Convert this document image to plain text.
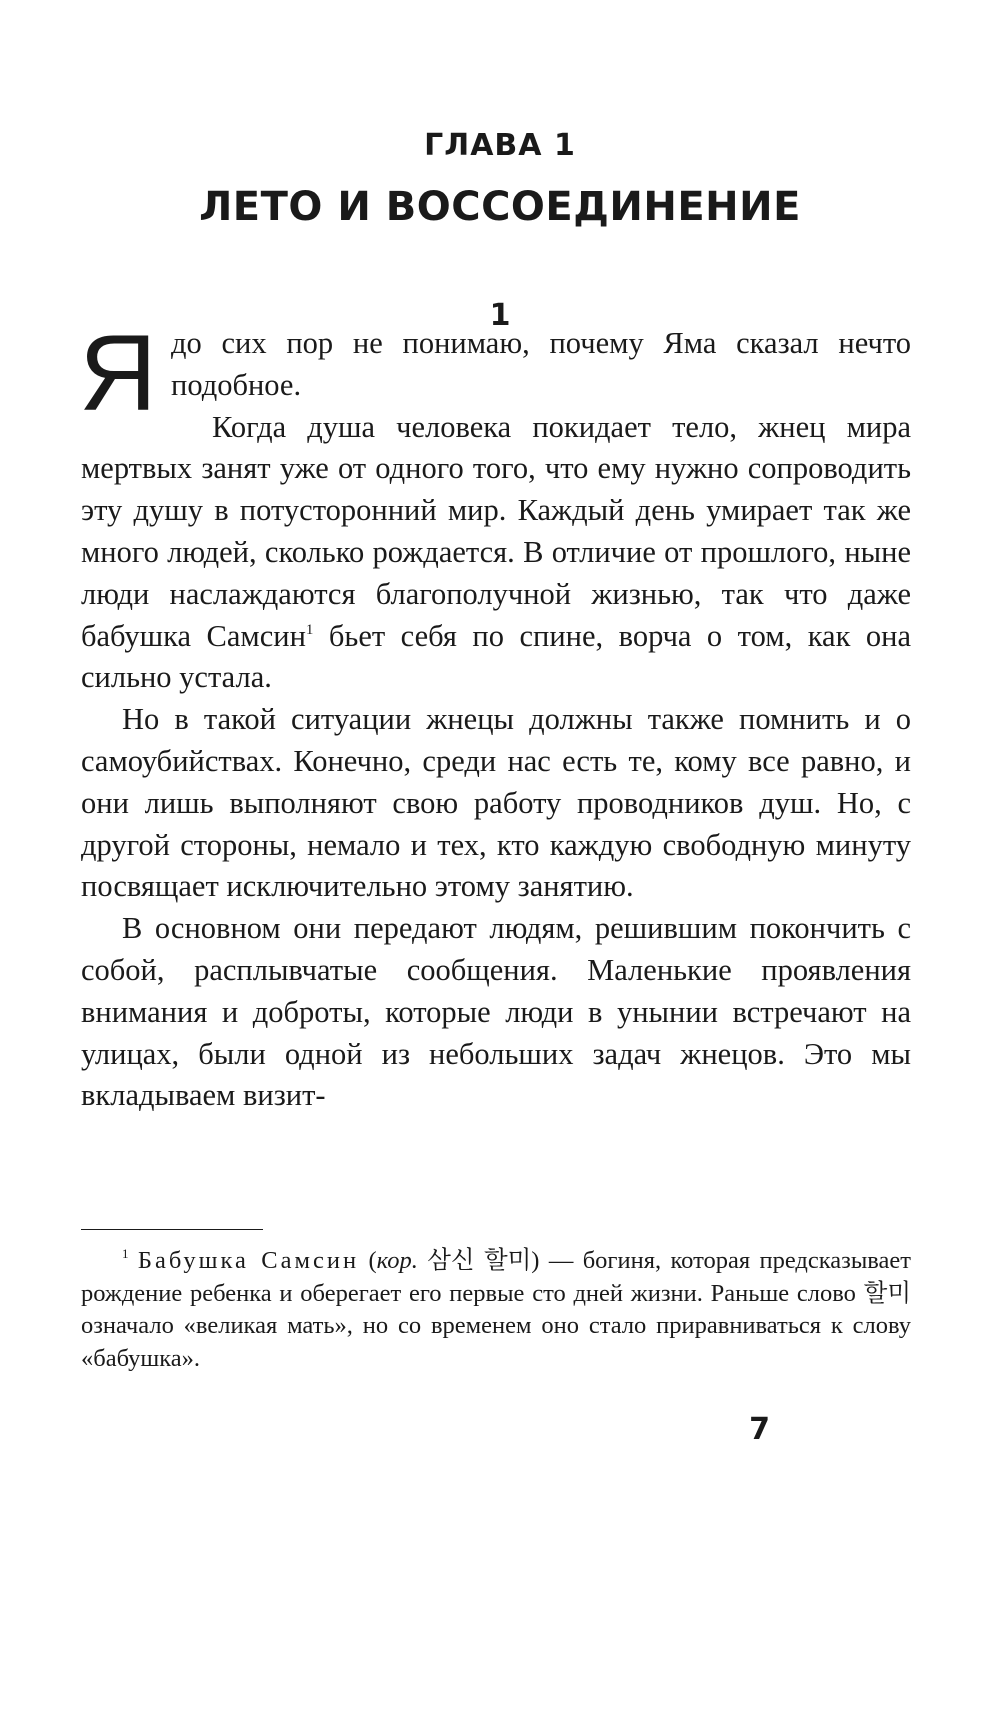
ГЛАВА 1
ЛЕТО И ВОССОЕДИНЕНИЕ
1

Ядо сих пор не понимаю, почему Яма сказал нечто подобное.

Когда душа человека покидает тело, жнец мира мертвых занят уже от одного того, что ему нужно сопроводить эту душу в потусторонний мир. Каждый день умирает так же много людей, сколько рождается. В отличие от прошлого, ныне люди наслаждаются благополучной жизнью, так что даже бабушка Самсин$^1$ бьет себя по спине, ворча о том, как она сильно устала.

Но в такой ситуации жнецы должны также помнить и о самоубийствах. Конечно, среди нас есть те, кому все равно, и они лишь выполняют свою работу проводников душ. Но, с другой стороны, немало и тех, кто каждую свободную минуту посвящает исключительно этому занятию.

В основном они передают людям, решившим покончить с собой, расплывчатые сообщения. Маленькие проявления внимания и доброты, которые люди в унынии встречают на улицах, были одной из небольших задач жнецов. Это мы вкладываем визит-

$^1$ Бабушка Самсин (кор. 삼신 할미) — богиня, которая предсказывает рождение ребенка и оберегает его первые сто дней жизни. Раньше слово 할미 означало «великая мать», но со временем оно стало приравниваться к слову «бабушка».

7
